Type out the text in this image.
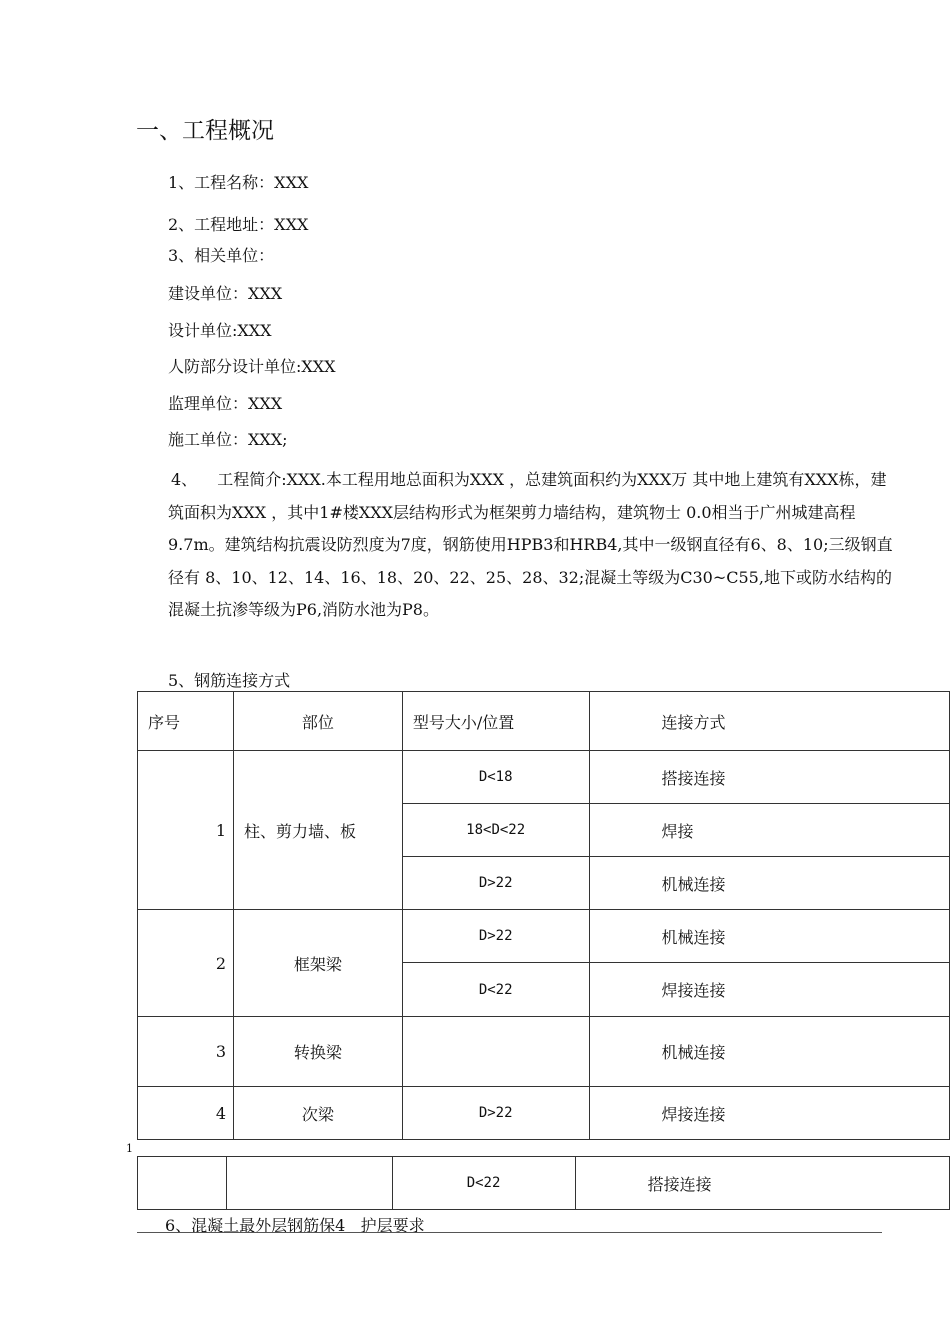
一、工程概况
1、工程名称：XXX
2、工程地址：XXX
3、相关单位：
建设单位：XXX
设计单位:XXX
人防部分设计单位:XXX
监理单位：XXX
施工单位：XXX;
4、 工程简介:XXX.本工程用地总面积为XXX ，总建筑面积约为XXX万 其中地上建筑有XXX栋，建筑面积为XXX ，其中1#楼XXX层结构形式为框架剪力墙结构，建筑物士 0.0相当于广州城建高程9.7m。建筑结构抗震设防烈度为7度，钢筋使用HPB3和HRB4,其中一级钢直径有6、8、10;三级钢直径有 8、10、12、14、16、18、20、22、25、28、32;混凝土等级为C30~C55,地下或防水结构的混凝土抗渗等级为P6,消防水池为P8。
5、钢筋连接方式
序号	部位	型号大小/位置	连接方式
1	柱、剪力墙、板	D<18	搭接连接
		18<D<22	焊接
		D>22	机械连接
2	框架梁	D>22	机械连接
		D<22	焊接连接
3	转换梁		机械连接
4	次梁	D>22	焊接连接
1
		D<22	搭接连接
6、混凝土最外层钢筋保4   护层要求
